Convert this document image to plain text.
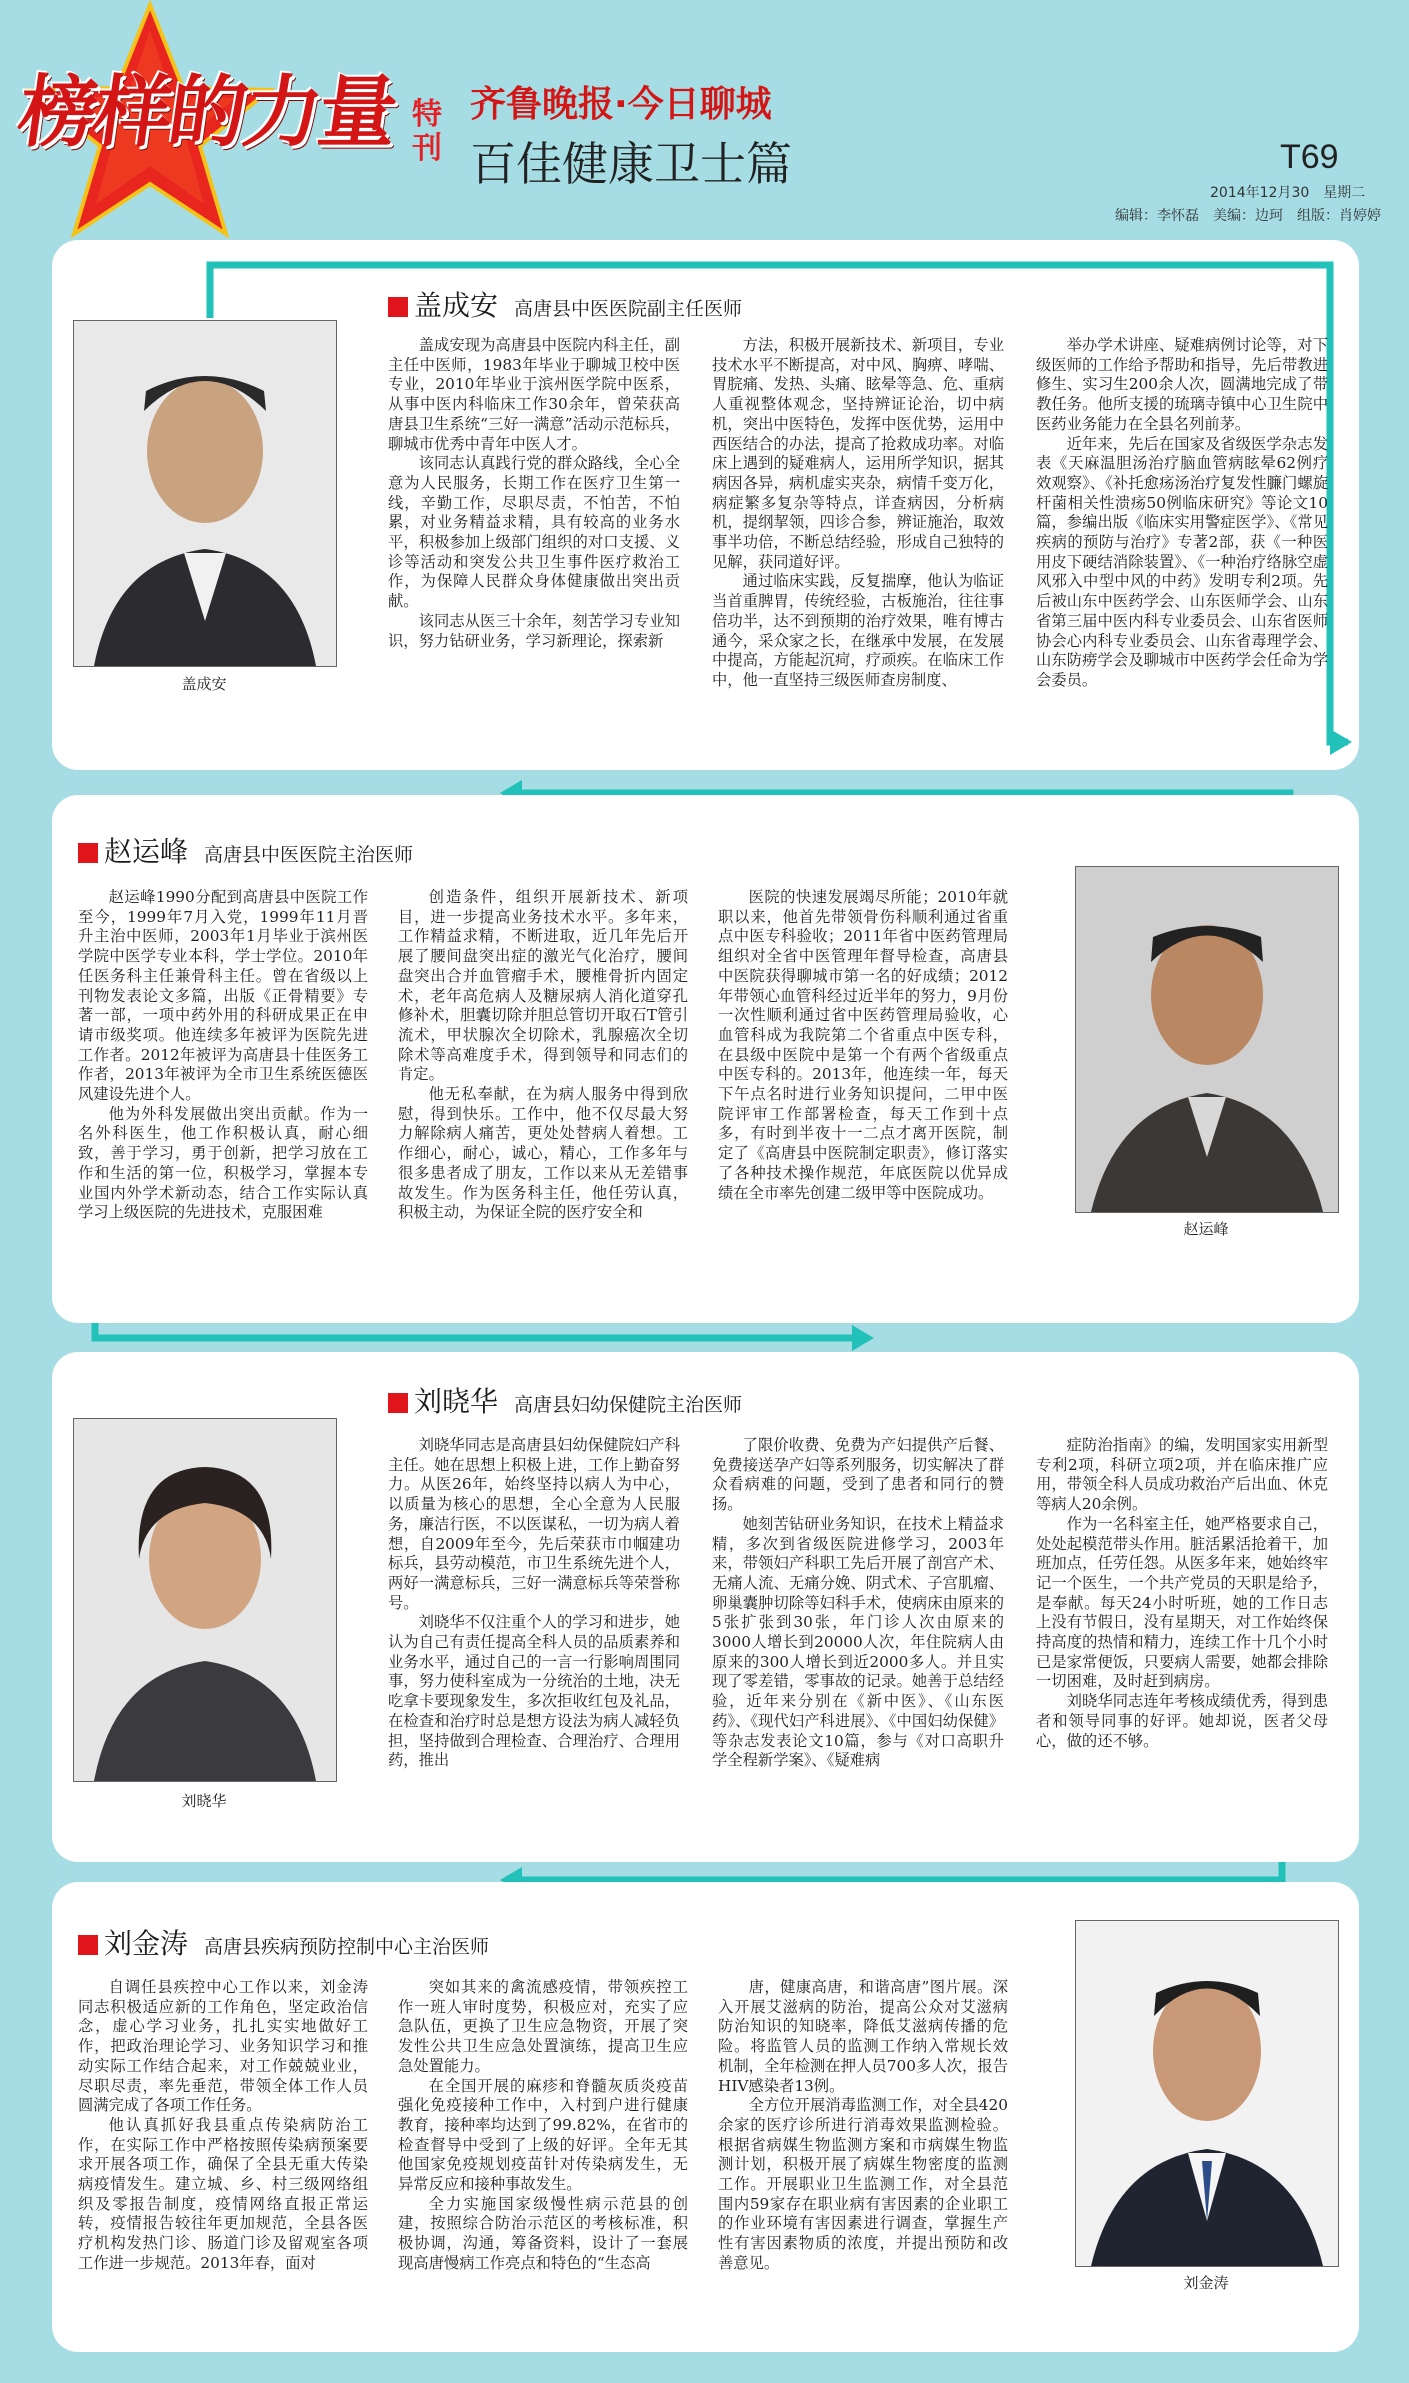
榜样的力量 特刊
齐鲁晚报·今日聊城
百佳健康卫士篇	T69
2014年12月30　星期二
编辑：李怀磊　美编：边珂　组版：肖婷婷
盖成安 高唐县中医医院副主任医师
盖成安

盖成安现为高唐县中医院内科主任，副主任中医师，1983年毕业于聊城卫校中医专业，2010年毕业于滨州医学院中医系，从事中医内科临床工作30余年，曾荣获高唐县卫生系统“三好一满意”活动示范标兵，聊城市优秀中青年中医人才。

该同志认真践行党的群众路线，全心全意为人民服务，长期工作在医疗卫生第一线，辛勤工作，尽职尽责，不怕苦，不怕累，对业务精益求精，具有较高的业务水平，积极参加上级部门组织的对口支援、义诊等活动和突发公共卫生事件医疗救治工作，为保障人民群众身体健康做出突出贡献。

该同志从医三十余年，刻苦学习专业知识，努力钻研业务，学习新理论，探索新

方法，积极开展新技术、新项目，专业技术水平不断提高，对中风、胸痹、哮喘、胃脘痛、发热、头痛、眩晕等急、危、重病人重视整体观念，坚持辨证论治，切中病机，突出中医特色，发挥中医优势，运用中西医结合的办法，提高了抢救成功率。对临床上遇到的疑难病人，运用所学知识，据其病因各异，病机虚实夹杂，病情千变万化，病症繁多复杂等特点，详查病因，分析病机，提纲挈领，四诊合参，辨证施治，取效事半功倍，不断总结经验，形成自己独特的见解，获同道好评。

通过临床实践，反复揣摩，他认为临证当首重脾胃，传统经验，古板施治，往往事倍功半，达不到预期的治疗效果，唯有博古通今，采众家之长，在继承中发展，在发展中提高，方能起沉疴，疗顽疾。在临床工作中，他一直坚持三级医师查房制度、

举办学术讲座、疑难病例讨论等，对下级医师的工作给予帮助和指导，先后带教进修生、实习生200余人次，圆满地完成了带教任务。他所支援的琉璃寺镇中心卫生院中医药业务能力在全县名列前茅。

近年来，先后在国家及省级医学杂志发表《天麻温胆汤治疗脑血管病眩晕62例疗效观察》、《补托愈疡汤治疗复发性臁门螺旋杆菌相关性溃疡50例临床研究》等论文10篇，参编出版《临床实用警症医学》、《常见疾病的预防与治疗》专著2部，获《一种医用皮下硬结消除装置》、《一种治疗络脉空虚风邪入中型中风的中药》发明专利2项。先后被山东中医药学会、山东医师学会、山东省第三届中医内科专业委员会、山东省医师协会心内科专业委员会、山东省毒理学会、山东防痨学会及聊城市中医药学会任命为学会委员。

赵运峰 高唐县中医医院主治医师
赵运峰

赵运峰1990分配到高唐县中医院工作至今，1999年7月入党，1999年11月晋升主治中医师，2003年1月毕业于滨州医学院中医学专业本科，学士学位。2010年任医务科主任兼骨科主任。曾在省级以上刊物发表论文多篇，出版《正骨精要》专著一部，一项中药外用的科研成果正在申请市级奖项。他连续多年被评为医院先进工作者。2012年被评为高唐县十佳医务工作者，2013年被评为全市卫生系统医德医风建设先进个人。

他为外科发展做出突出贡献。作为一名外科医生，他工作积极认真，耐心细致，善于学习，勇于创新，把学习放在工作和生活的第一位，积极学习，掌握本专业国内外学术新动态，结合工作实际认真学习上级医院的先进技术，克服困难

创造条件，组织开展新技术、新项目，进一步提高业务技术水平。多年来，工作精益求精，不断进取，近几年先后开展了腰间盘突出症的激光气化治疗，腰间盘突出合并血管瘤手术，腰椎骨折内固定术，老年高危病人及糖尿病人消化道穿孔修补术，胆囊切除并胆总管切开取石T管引流术，甲状腺次全切除术，乳腺癌次全切除术等高难度手术，得到领导和同志们的肯定。

他无私奉献，在为病人服务中得到欣慰，得到快乐。工作中，他不仅尽最大努力解除病人痛苦，更处处替病人着想。工作细心，耐心，诚心，精心，工作多年与很多患者成了朋友，工作以来从无差错事故发生。作为医务科主任，他任劳认真，积极主动，为保证全院的医疗安全和

医院的快速发展竭尽所能；2010年就职以来，他首先带领骨伤科顺利通过省重点中医专科验收；2011年省中医药管理局组织对全省中医管理年督导检查，高唐县中医院获得聊城市第一名的好成绩；2012年带领心血管科经过近半年的努力，9月份一次性顺利通过省中医药管理局验收，心血管科成为我院第二个省重点中医专科，在县级中医院中是第一个有两个省级重点中医专科的。2013年，他连续一年，每天下午点名时进行业务知识提问，二甲中医院评审工作部署检查，每天工作到十点多，有时到半夜十一二点才离开医院，制定了《高唐县中医院制定职责》，修订落实了各种技术操作规范，年底医院以优异成绩在全市率先创建二级甲等中医院成功。

刘晓华 高唐县妇幼保健院主治医师
刘晓华

刘晓华同志是高唐县妇幼保健院妇产科主任。她在思想上积极上进，工作上勤奋努力。从医26年，始终坚持以病人为中心，以质量为核心的思想，全心全意为人民服务，廉洁行医，不以医谋私，一切为病人着想，自2009年至今，先后荣获市巾帼建功标兵，县劳动模范，市卫生系统先进个人，两好一满意标兵，三好一满意标兵等荣誉称号。

刘晓华不仅注重个人的学习和进步，她认为自己有责任提高全科人员的品质素养和业务水平，通过自己的一言一行影响周围同事，努力使科室成为一分统治的土地，决无吃拿卡要现象发生，多次拒收红包及礼品，在检查和治疗时总是想方设法为病人减轻负担，坚持做到合理检查、合理治疗、合理用药，推出

了限价收费、免费为产妇提供产后餐、免费接送孕产妇等系列服务，切实解决了群众看病难的问题，受到了患者和同行的赞扬。

她刻苦钻研业务知识，在技术上精益求精，多次到省级医院进修学习，2003年来，带领妇产科职工先后开展了剖宫产术、无痛人流、无痛分娩、阴式术、子宫肌瘤、卵巢囊肿切除等妇科手术，使病床由原来的5张扩张到30张，年门诊人次由原来的3000人增长到20000人次，年住院病人由原来的300人增长到近2000多人。并且实现了零差错，零事故的记录。她善于总结经验，近年来分别在《新中医》、《山东医药》、《现代妇产科进展》、《中国妇幼保健》等杂志发表论文10篇，参与《对口高职升学全程新学案》、《疑难病

症防治指南》的编，发明国家实用新型专利2项，科研立项2项，并在临床推广应用，带领全科人员成功救治产后出血、休克等病人20余例。

作为一名科室主任，她严格要求自己，处处起模范带头作用。脏活累活抢着干，加班加点，任劳任怨。从医多年来，她始终牢记一个医生，一个共产党员的天职是给予，是奉献。每天24小时听班，她的工作日志上没有节假日，没有星期天，对工作始终保持高度的热情和精力，连续工作十几个小时已是家常便饭，只要病人需要，她都会排除一切困难，及时赶到病房。

刘晓华同志连年考核成绩优秀，得到患者和领导同事的好评。她却说，医者父母心，做的还不够。

刘金涛 高唐县疾病预防控制中心主治医师
刘金涛

自调任县疾控中心工作以来，刘金涛同志积极适应新的工作角色，坚定政治信念，虚心学习业务，扎扎实实地做好工作，把政治理论学习、业务知识学习和推动实际工作结合起来，对工作兢兢业业，尽职尽责，率先垂范，带领全体工作人员圆满完成了各项工作任务。

他认真抓好我县重点传染病防治工作，在实际工作中严格按照传染病预案要求开展各项工作，确保了全县无重大传染病疫情发生。建立城、乡、村三级网络组织及零报告制度，疫情网络直报正常运转，疫情报告较往年更加规范，全县各医疗机构发热门诊、肠道门诊及留观室各项工作进一步规范。2013年春，面对

突如其来的禽流感疫情，带领疾控工作一班人审时度势，积极应对，充实了应急队伍，更换了卫生应急物资，开展了突发性公共卫生应急处置演练，提高卫生应急处置能力。

在全国开展的麻疹和脊髓灰质炎疫苗强化免疫接种工作中，入村到户进行健康教育，接种率均达到了99.82%，在省市的检查督导中受到了上级的好评。全年无其他国家免疫规划疫苗针对传染病发生，无异常反应和接种事故发生。

全力实施国家级慢性病示范县的创建，按照综合防治示范区的考核标准，积极协调，沟通，筹备资料，设计了一套展现高唐慢病工作亮点和特色的“生态高

唐，健康高唐，和谐高唐”图片展。深入开展艾滋病的防治，提高公众对艾滋病防治知识的知晓率，降低艾滋病传播的危险。将监管人员的监测工作纳入常规长效机制，全年检测在押人员700多人次，报告HIV感染者13例。

全方位开展消毒监测工作，对全县420余家的医疗诊所进行消毒效果监测检验。根据省病媒生物监测方案和市病媒生物监测计划，积极开展了病媒生物密度的监测工作。开展职业卫生监测工作，对全县范围内59家存在职业病有害因素的企业职工的作业环境有害因素进行调查，掌握生产性有害因素物质的浓度，并提出预防和改善意见。
